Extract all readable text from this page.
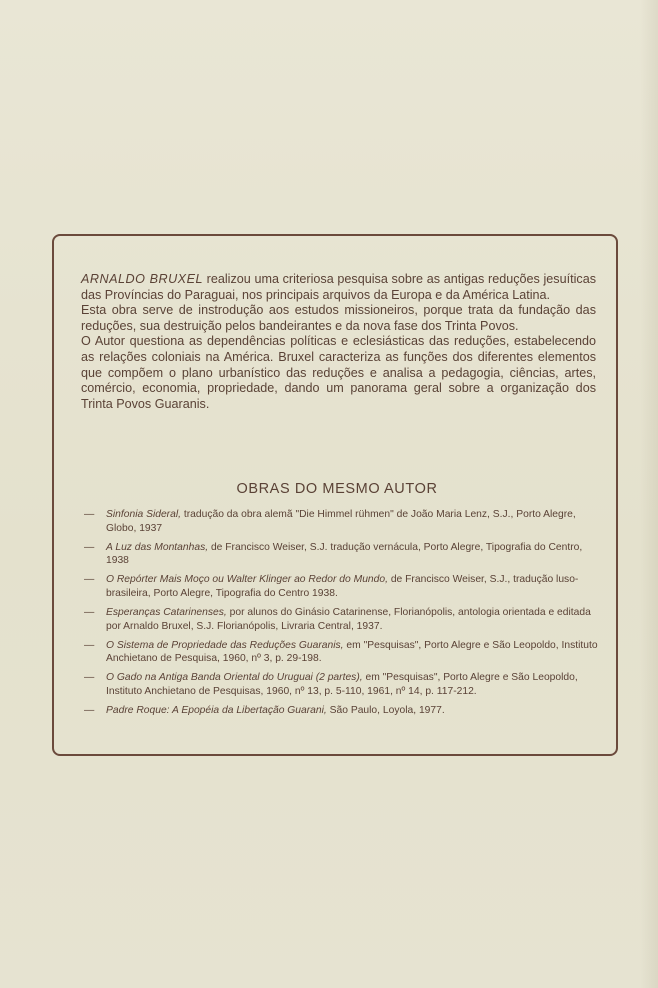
ARNALDO BRUXEL realizou uma criteriosa pesquisa sobre as antigas reduções jesuíticas das Províncias do Paraguai, nos principais arquivos da Europa e da América Latina.

Esta obra serve de instrodução aos estudos missioneiros, porque trata da fundação das reduções, sua destruição pelos bandeirantes e da nova fase dos Trinta Povos.

O Autor questiona as dependências políticas e eclesiásticas das reduções, estabelecendo as relações coloniais na América. Bruxel caracteriza as funções dos diferentes elementos que compõem o plano urbanístico das reduções e analisa a pedagogia, ciências, artes, comércio, economia, propriedade, dando um panorama geral sobre a organização dos Trinta Povos Guaranis.

OBRAS DO MESMO AUTOR
— Sinfonia Sideral, tradução da obra alemã "Die Himmel rühmen" de João Maria Lenz, S.J., Porto Alegre, Globo, 1937
— A Luz das Montanhas, de Francisco Weiser, S.J. tradução vernácula, Porto Alegre, Tipografia do Centro, 1938
— O Repórter Mais Moço ou Walter Klinger ao Redor do Mundo, de Francisco Weiser, S.J., tradução luso-brasileira, Porto Alegre, Tipografia do Centro 1938.
— Esperanças Catarinenses, por alunos do Ginásio Catarinense, Florianópolis, antologia orientada e editada por Arnaldo Bruxel, S.J. Florianópolis, Livraria Central, 1937.
— O Sistema de Propriedade das Reduções Guaranis, em "Pesquisas", Porto Alegre e São Leopoldo, Instituto Anchietano de Pesquisa, 1960, nº 3, p. 29-198.
— O Gado na Antiga Banda Oriental do Uruguai (2 partes), em "Pesquisas", Porto Alegre e São Leopoldo, Instituto Anchietano de Pesquisas, 1960, nº 13, p. 5-110, 1961, nº 14, p. 117-212.
— Padre Roque: A Epopéia da Libertação Guarani, São Paulo, Loyola, 1977.
